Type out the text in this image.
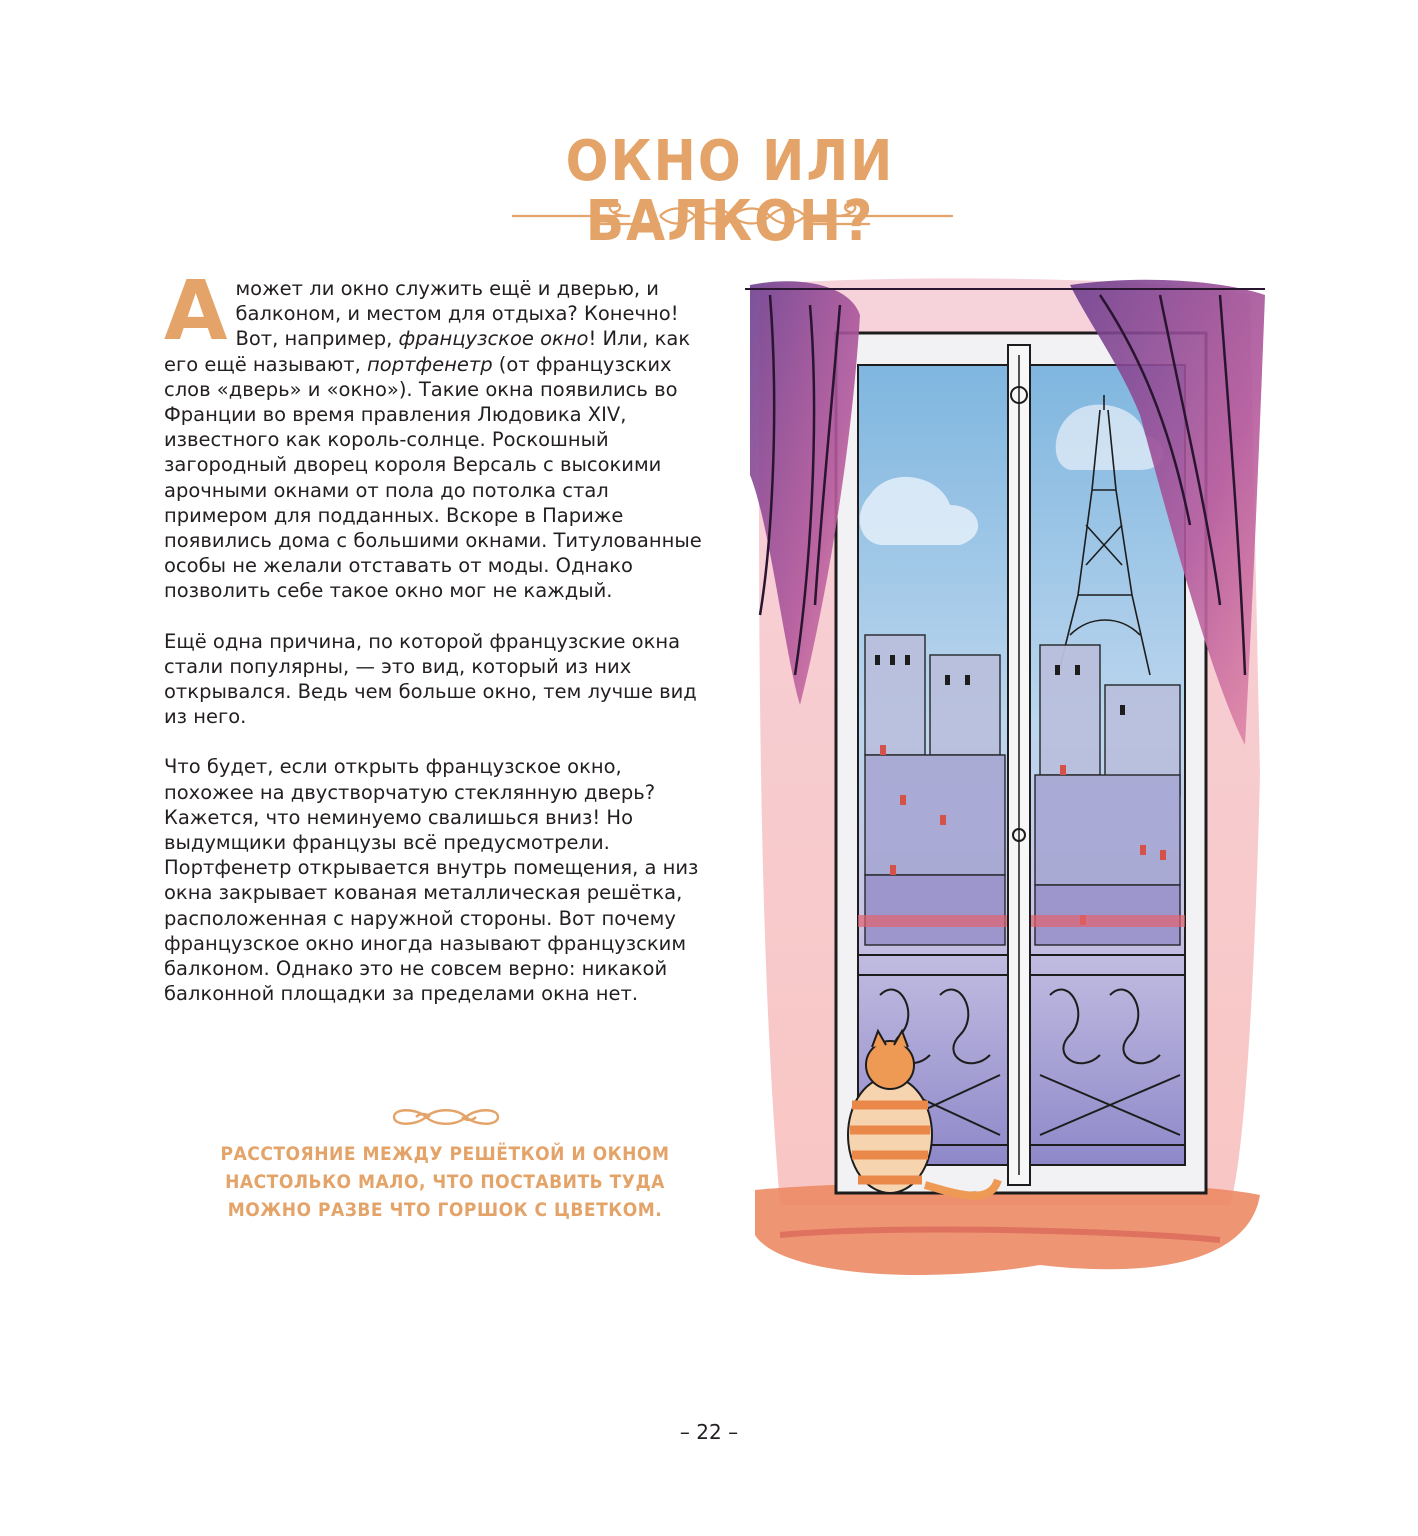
ОКНО ИЛИ БАЛКОН?

А может ли окно служить ещё и дверью, и балконом, и местом для отдыха? Конечно! Вот, например, французское окно! Или, как его ещё называют, портфенетр (от французских слов «дверь» и «окно»). Такие окна появились во Франции во время правления Людовика XIV, известного как король-солнце. Роскошный загородный дворец короля Версаль с высокими арочными окнами от пола до потолка стал примером для подданных. Вскоре в Париже появились дома с большими окнами. Титулованные особы не желали отставать от моды. Однако позволить себе такое окно мог не каждый.

Ещё одна причина, по которой французские окна стали популярны, — это вид, который из них открывался. Ведь чем больше окно, тем лучше вид из него.

Что будет, если открыть французское окно, похожее на двустворчатую стеклянную дверь? Кажется, что неминуемо свалишься вниз! Но выдумщики французы всё предусмотрели. Портфенетр открывается внутрь помещения, а низ окна закрывает кованая металлическая решётка, расположенная с наружной стороны. Вот почему французское окно иногда называют французским балконом. Однако это не совсем верно: никакой балконной площадки за пределами окна нет.

РАССТОЯНИЕ МЕЖДУ РЕШЁТКОЙ И ОКНОМ НАСТОЛЬКО МАЛО, ЧТО ПОСТАВИТЬ ТУДА МОЖНО РАЗВЕ ЧТО ГОРШОК С ЦВЕТКОМ.
– 22 –
